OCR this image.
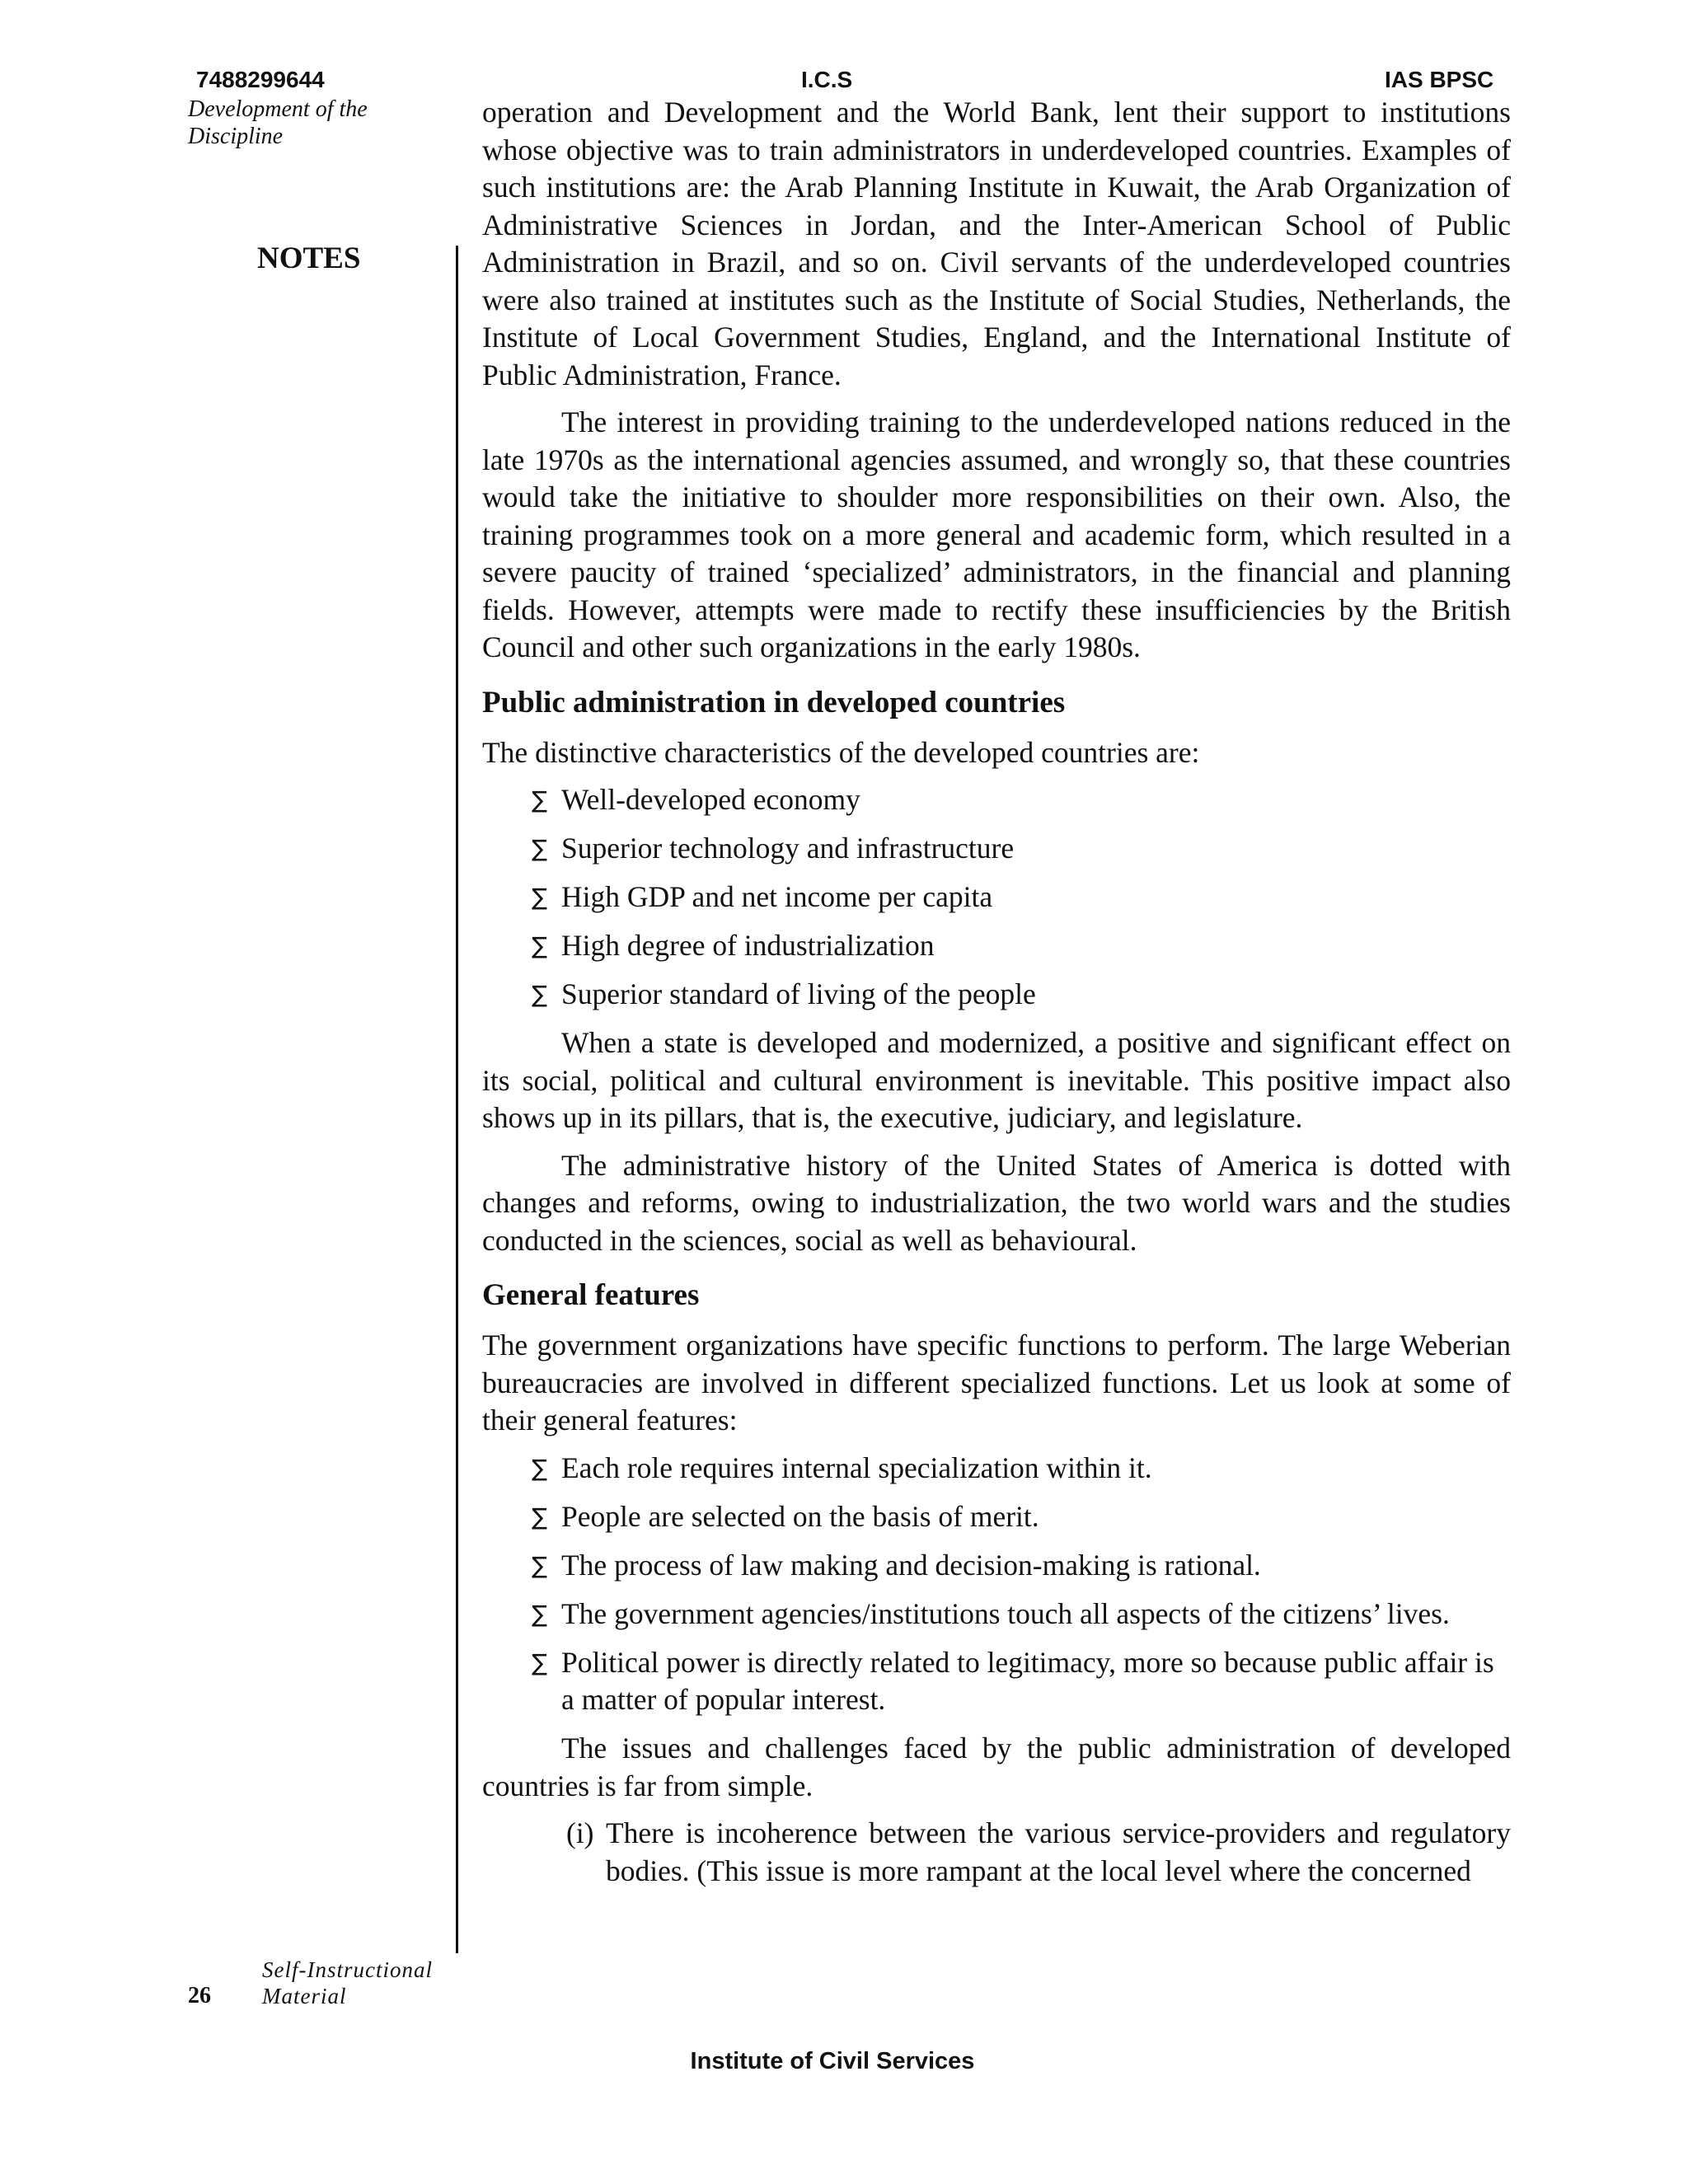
7488299644	I.C.S	IAS BPSC
Development of the
Discipline
NOTES

operation and Development and the World Bank, lent their support to institutions whose objective was to train administrators in underdeveloped countries. Examples of such institutions are: the Arab Planning Institute in Kuwait, the Arab Organization of Administrative Sciences in Jordan, and the Inter-American School of Public Administration in Brazil, and so on. Civil servants of the underdeveloped countries were also trained at institutes such as the Institute of Social Studies, Netherlands, the Institute of Local Government Studies, England, and the International Institute of Public Administration, France.

The interest in providing training to the underdeveloped nations reduced in the late 1970s as the international agencies assumed, and wrongly so, that these countries would take the initiative to shoulder more responsibilities on their own. Also, the training programmes took on a more general and academic form, which resulted in a severe paucity of trained ‘specialized’ administrators, in the financial and planning fields. However, attempts were made to rectify these insufficiencies by the British Council and other such organizations in the early 1980s.

Public administration in developed countries

The distinctive characteristics of the developed countries are:

∑ Well-developed economy
∑ Superior technology and infrastructure
∑ High GDP and net income per capita
∑ High degree of industrialization
∑ Superior standard of living of the people

When a state is developed and modernized, a positive and significant effect on its social, political and cultural environment is inevitable. This positive impact also shows up in its pillars, that is, the executive, judiciary, and legislature.

The administrative history of the United States of America is dotted with changes and reforms, owing to industrialization, the two world wars and the studies conducted in the sciences, social as well as behavioural.

General features

The government organizations have specific functions to perform. The large Weberian bureaucracies are involved in different specialized functions. Let us look at some of their general features:

∑ Each role requires internal specialization within it.
∑ People are selected on the basis of merit.
∑ The process of law making and decision-making is rational.
∑ The government agencies/institutions touch all aspects of the citizens’ lives.
∑ Political power is directly related to legitimacy, more so because public affair is a matter of popular interest.

The issues and challenges faced by the public administration of developed countries is far from simple.

(i) There is incoherence between the various service-providers and regulatory bodies. (This issue is more rampant at the local level where the concerned
Self-Instructional
Material
26
Institute of Civil Services
